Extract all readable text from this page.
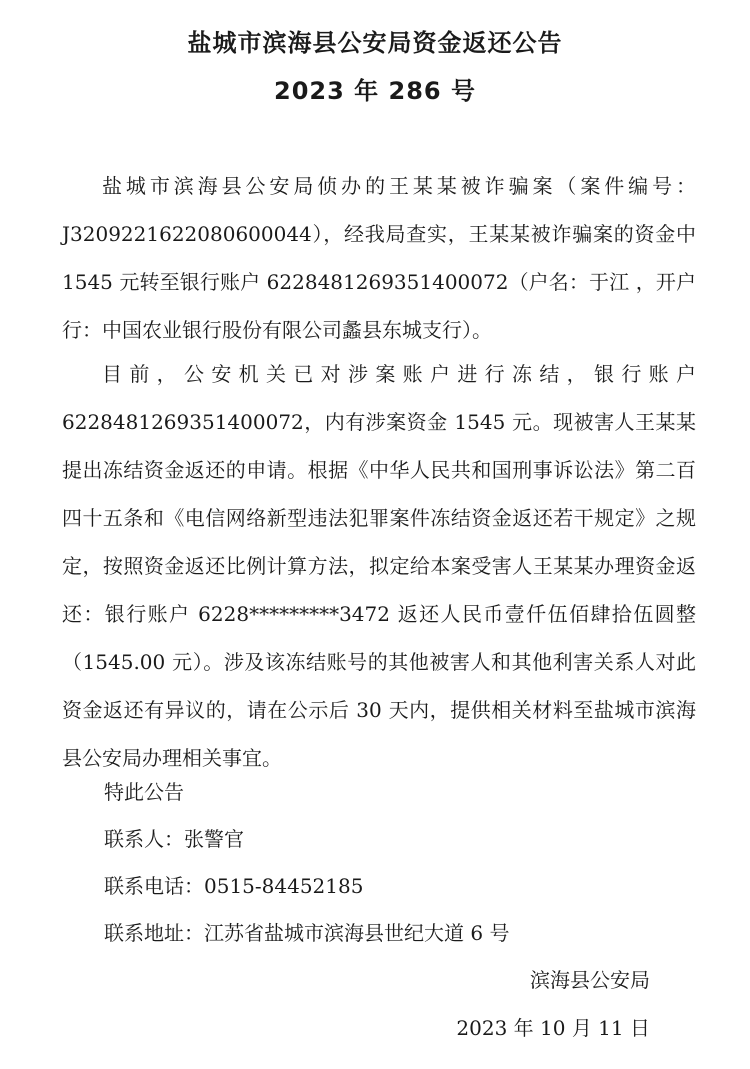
盐城市滨海县公安局资金返还公告
2023 年 286 号

盐城市滨海县公安局侦办的王某某被诈骗案（案件编号：J3209221622080600044），经我局查实，王某某被诈骗案的资金中1545 元转至银行账户 6228481269351400072（户名：于江 ，开户行：中国农业银行股份有限公司蠡县东城支行）。

目前，公安机关已对涉案账户进行冻结，银行账户6228481269351400072，内有涉案资金 1545 元。现被害人王某某提出冻结资金返还的申请。根据《中华人民共和国刑事诉讼法》第二百四十五条和《电信网络新型违法犯罪案件冻结资金返还若干规定》之规定，按照资金返还比例计算方法，拟定给本案受害人王某某办理资金返还：银行账户 6228*********3472 返还人民币壹仟伍佰肆拾伍圆整（1545.00 元）。涉及该冻结账号的其他被害人和其他利害关系人对此资金返还有异议的，请在公示后 30 天内，提供相关材料至盐城市滨海县公安局办理相关事宜。

特此公告
联系人：张警官
联系电话：0515-84452185
联系地址：江苏省盐城市滨海县世纪大道 6 号
滨海县公安局
2023 年 10 月 11 日
